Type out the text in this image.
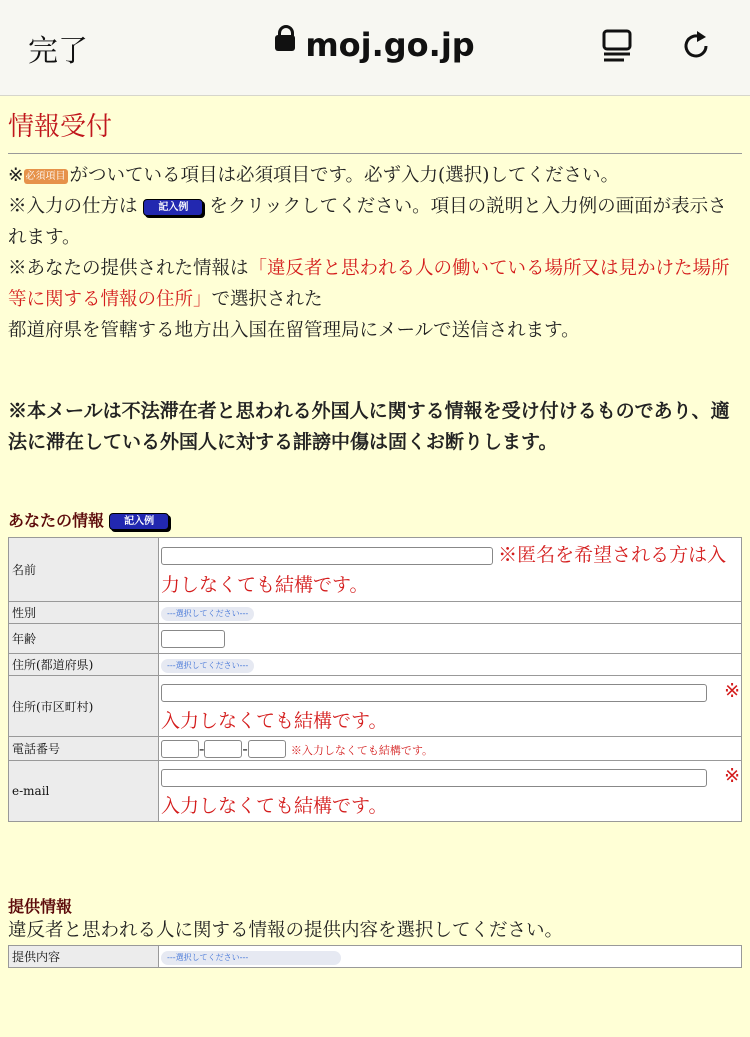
完了	moj.go.jp
情報受付

※ 必須項目 がついている項目は必須項目です。必ず入力(選択)してください。

※入力の仕方は 記入例 をクリックしてください。項目の説明と入力例の画面が表示されます。

※あなたの提供された情報は「違反者と思われる人の働いている場所又は見かけた場所等に関する情報の住所」で選択された
都道府県を管轄する地方出入国在留管理局にメールで送信されます。

※本メールは不法滞在者と思われる外国人に関する情報を受け付けるものであり、適法に滞在している外国人に対する誹謗中傷は固くお断りします。

あなたの情報 記入例
名前	※匿名を希望される方は入力しなくても結構です。
性別	---選択してください---
年齢	
住所(都道府県)	---選択してください---
住所(市区町村)	※
入力しなくても結構です。
電話番号	- - ※入力しなくても結構です。
e-mail	※
入力しなくても結構です。
提供情報
違反者と思われる人に関する情報の提供内容を選択してください。
提供内容	---選択してください---
